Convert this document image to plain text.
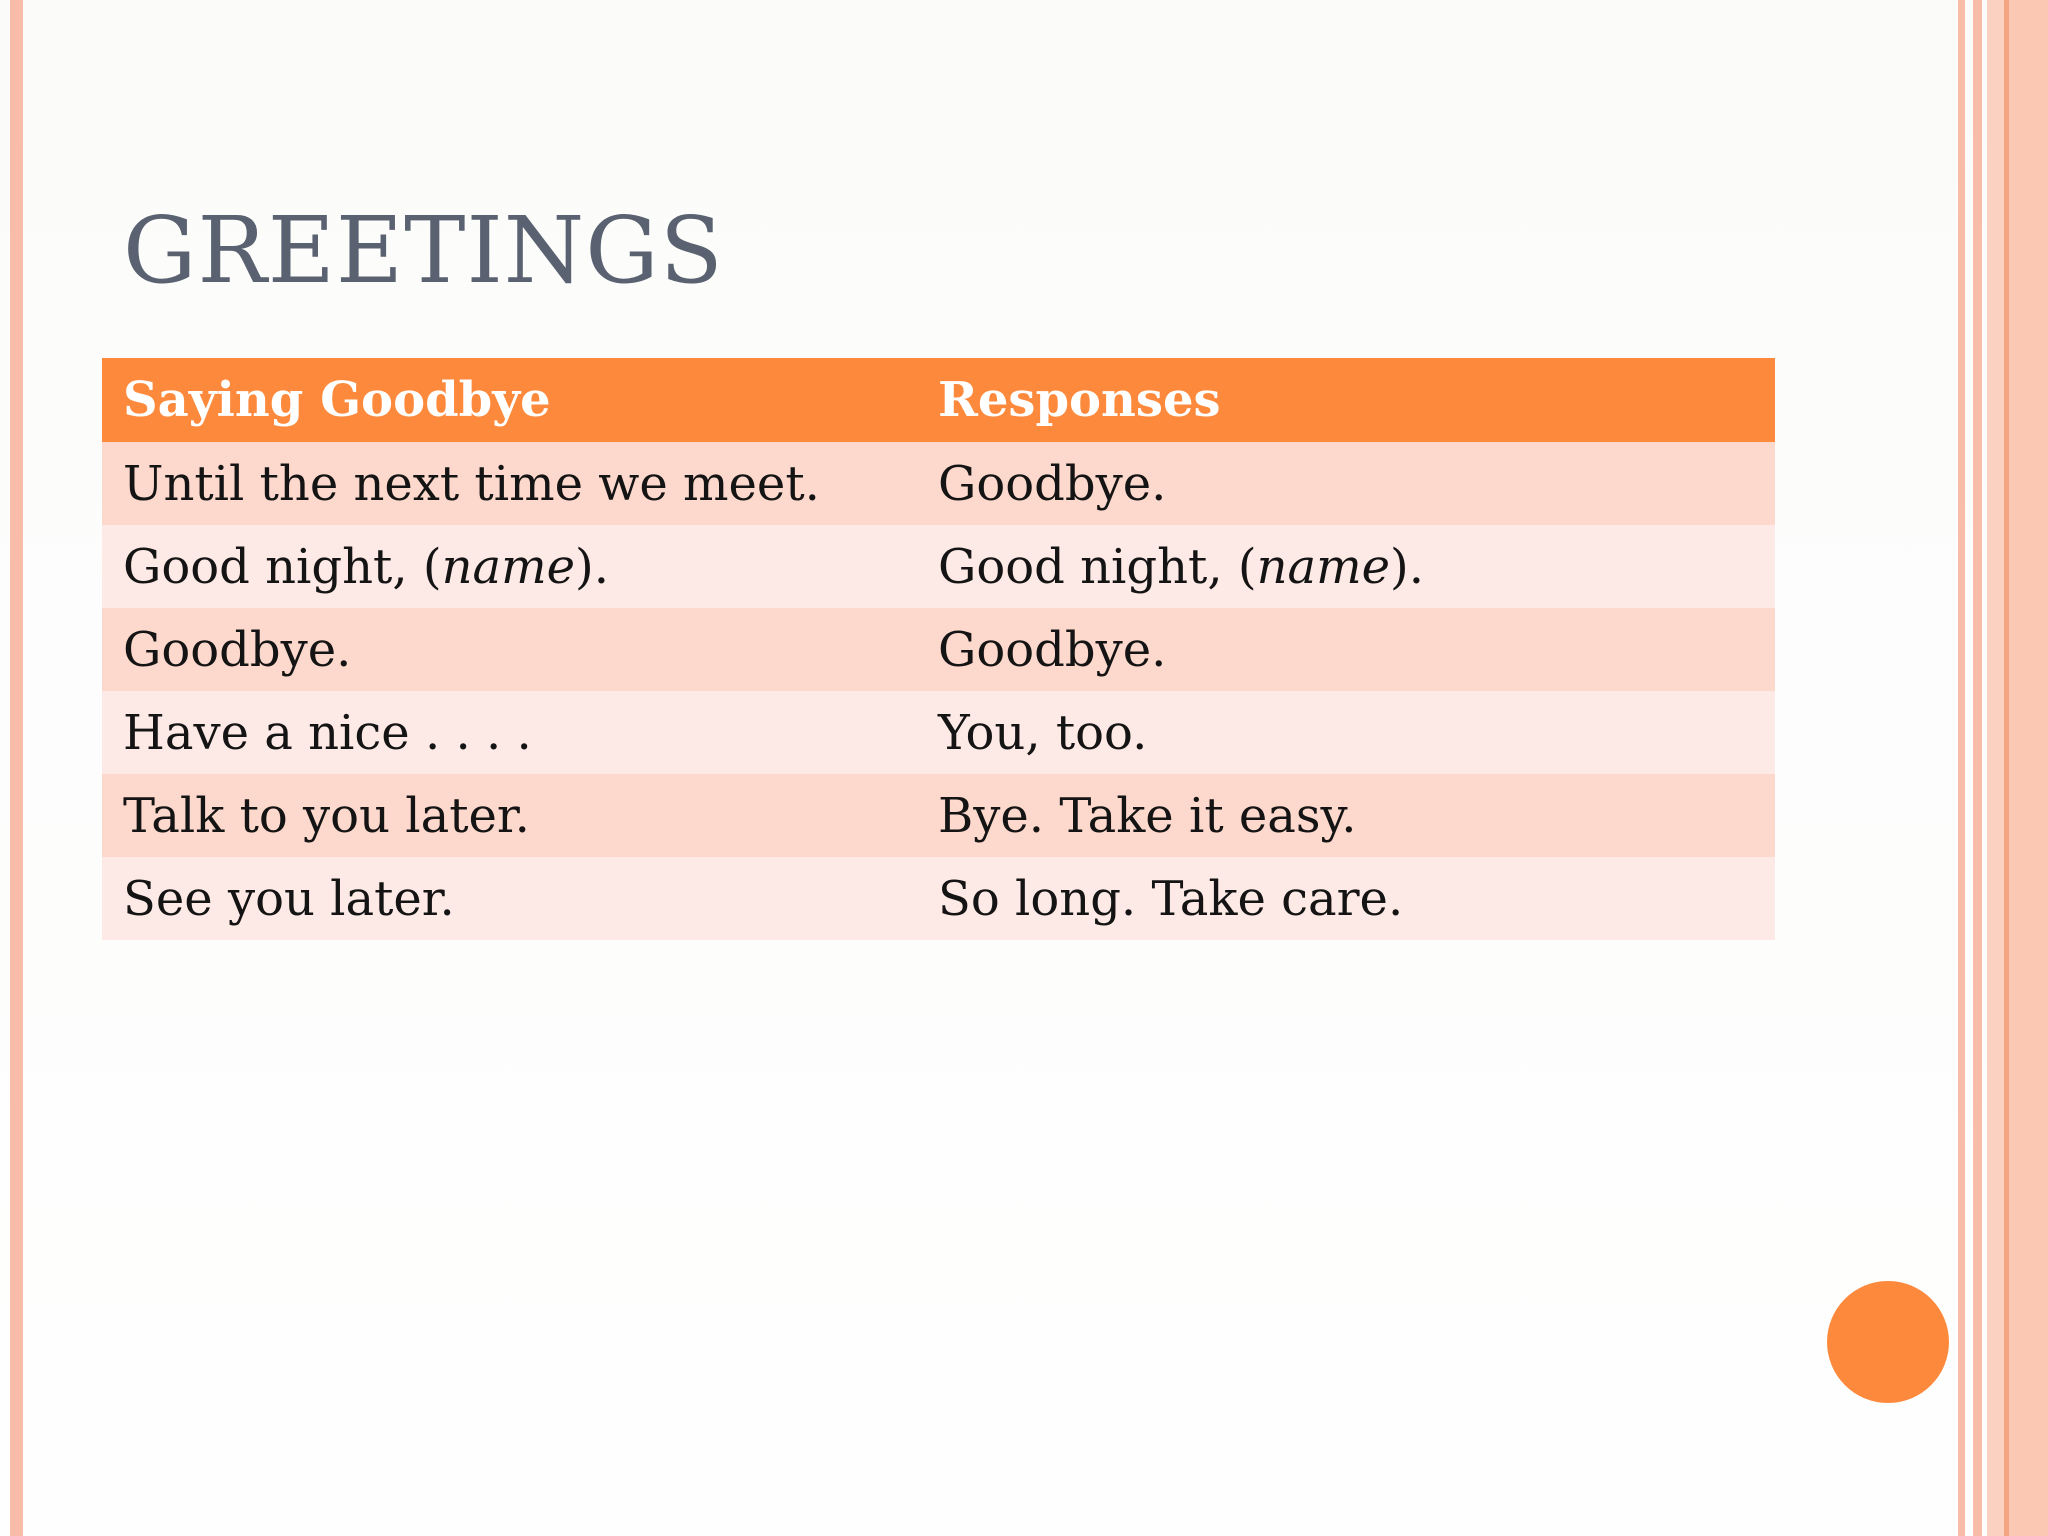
GREETINGS
Saying Goodbye	Responses
Until the next time we meet.	Goodbye.
Good night, (name).	Good night, (name).
Goodbye.	Goodbye.
Have a nice . . . .	You, too.
Talk to you later.	Bye. Take it easy.
See you later.	So long. Take care.
